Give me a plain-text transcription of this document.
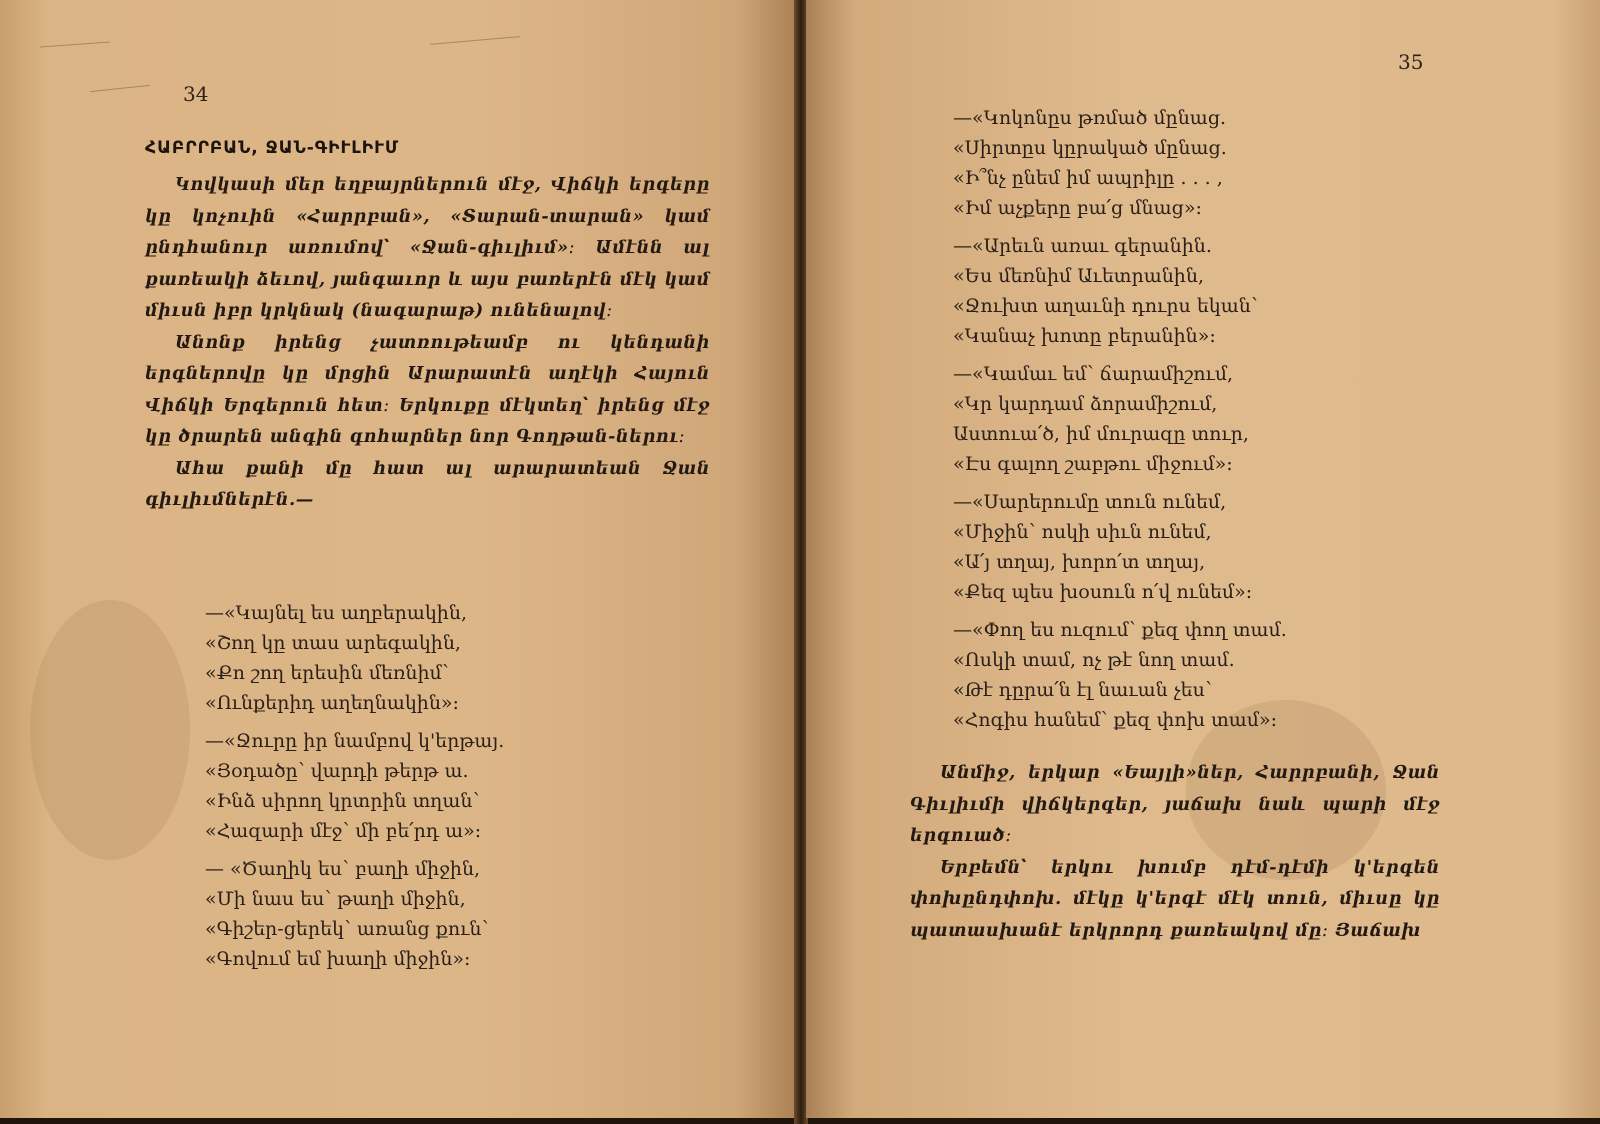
34
ՀԱԲՐՐԲԱՆ, ՋԱՆ-ԳԻՒԼԻՒՄ

Կովկասի մեր եղբայրներուն մէջ, Վիճկի երգերը կը կոչուին «Հարրբան», «Տարան-տարան» կամ ընդհանուր առումով՝ «Ջան-գիւլիւմ»։ Ամէնն ալ քառեակի ձեւով, յանգաւոր և այս բառերէն մէկ կամ միւսն իբր կրկնակ (նագարաթ) ունենալով։

Անոնք իրենց չատռութեամբ ու կենդանի երգներովը կը մրցին Արարատէն աղէկի Հայուն Վիճկի Երգերուն հետ։ Երկուքը մէկտեղ՝ իրենց մէջ կը ծրարեն անգին գոհարներ նոր Գողթան-ներու։

Ահա քանի մը հատ ալ արարատեան Ջան գիւլիւմներէն.—

—«Կայնել ես աղբերակին,
«Շող կը տաս արեգակին,
«Քո շող երեսին մեռնիմ՝
«Ունքերիդ աղեղնակին»։
—«Ջուրը իր նամբով կ'երթայ.
«Յօդածը՝ վարդի թերթ ա.
«Ինձ սիրող կրտրին տղան՝
«Հազարի մէջ՝ մի բե՛րդ ա»։
— «Ծաղիկ ես՝ բաղի միջին,
«Մի նաս ես՝ թաղի միջին,
«Գիշեր-ցերեկ՝ առանց քուն՝
«Գովում եմ խաղի միջին»։
35
—«Կոկոնըս թռմած մընաց.
«Սիրտըս կըրակած մընաց.
«Ի՞նչ ընեմ իմ ապրիլը . . . ,
«Իմ աչքերը բա՛ց մնաց»։
—«Արեւն առաւ գերանին.
«Ես մեռնիմ Աւետրանին,
«Ջուխտ աղաւնի դուրս եկան՝
«Կանաչ խոտը բերանին»։
—«Կամաւ եմ՝ ճարամիշում,
«Կր կարդամ ձորամիշում,
Աստուա՛ծ, իմ մուրազը տուր,
«Էս գալող շաբթու միջում»։
—«Սարերումը տուն ունեմ,
«Միջին՝ ոսկի սիւն ունեմ,
«Ա՛յ տղայ, խորո՛տ տղայ,
«Քեզ պես խօսուն ո՛վ ունեմ»։
—«Փող ես ուզում՝ քեզ փող տամ.
«Ոսկի տամ, ոչ թէ նող տամ.
«Թէ դըրա՛ն էլ նաւան չես՝
«Հոգիս հանեմ՝ քեզ փոխ տամ»։

Անմիջ, երկար «Եայլի»ներ, Հարրբանի, Ջան Գիւլիւմի վիճկերգեր, յաճախ նաև պարի մէջ երգուած։

Երբեմն՝ երկու խումբ դէմ-դէմի կ'երգեն փոխընդփոխ. մէկը կ'երգէ մէկ տուն, միւսը կը պատասխանէ երկրորդ քառեակով մը։ Յաճախ
